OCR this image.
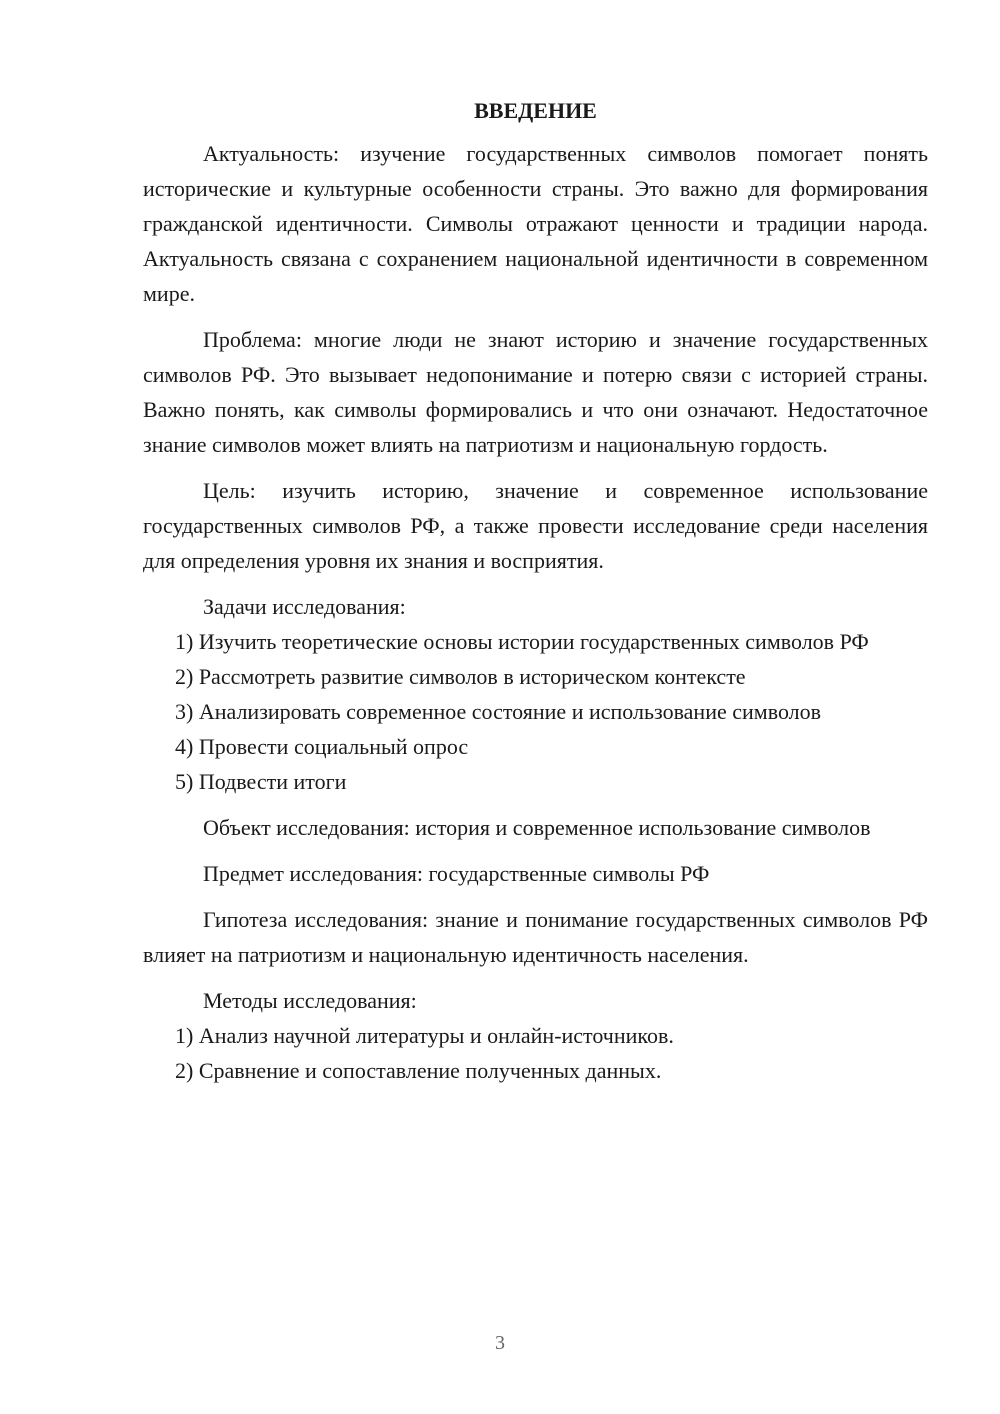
ВВЕДЕНИЕ

Актуальность: изучение государственных символов помогает понять исторические и культурные особенности страны. Это важно для формирования гражданской идентичности. Символы отражают ценности и традиции народа. Актуальность связана с сохранением национальной идентичности в современном мире.

Проблема: многие люди не знают историю и значение государственных символов РФ. Это вызывает недопонимание и потерю связи с историей страны. Важно понять, как символы формировались и что они означают. Недостаточное знание символов может влиять на патриотизм и национальную гордость.

Цель: изучить историю, значение и современное использование государственных символов РФ, а также провести исследование среди населения для определения уровня их знания и восприятия.

Задачи исследования:

1) Изучить теоретические основы истории государственных символов РФ

2) Рассмотреть развитие символов в историческом контексте

3) Анализировать современное состояние и использование символов

4) Провести социальный опрос

5) Подвести итоги

Объект исследования: история и современное использование символов

Предмет исследования: государственные символы РФ

Гипотеза исследования: знание и понимание государственных символов РФ влияет на патриотизм и национальную идентичность населения.

Методы исследования:

1) Анализ научной литературы и онлайн-источников.

2) Сравнение и сопоставление полученных данных.

3
